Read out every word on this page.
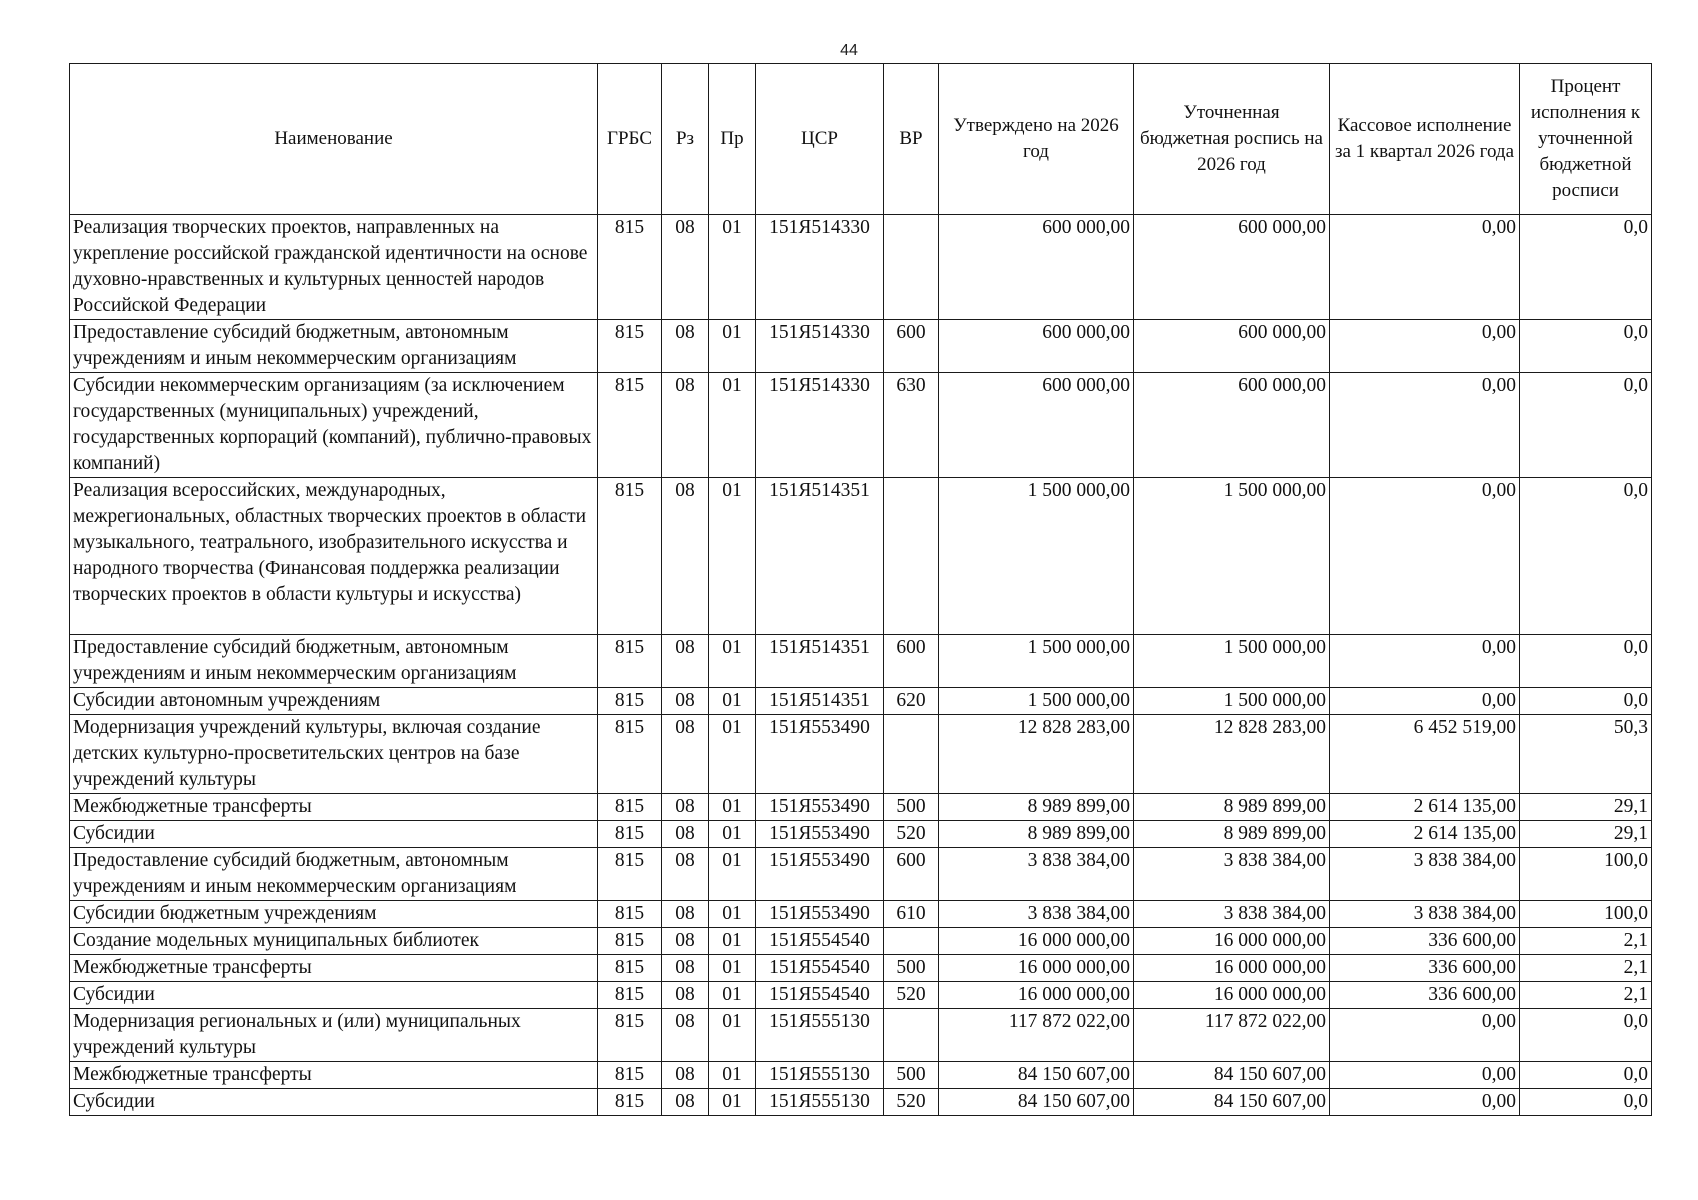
44
Наименование	ГРБС	Рз	Пр	ЦСР	ВР	Утверждено на 2026 год	Уточненная бюджетная роспись на 2026 год	Кассовое исполнение за 1 квартал 2026 года	Процент исполнения к уточненной бюджетной росписи
Реализация творческих проектов, направленных на укрепление российской гражданской идентичности на основе духовно-нравственных и культурных ценностей народов Российской Федерации	815	08	01	151Я514330		600 000,00	600 000,00	0,00	0,0
Предоставление субсидий бюджетным, автономным учреждениям и иным некоммерческим организациям	815	08	01	151Я514330	600	600 000,00	600 000,00	0,00	0,0
Субсидии некоммерческим организациям (за исключением государственных (муниципальных) учреждений, государственных корпораций (компаний), публично-правовых компаний)	815	08	01	151Я514330	630	600 000,00	600 000,00	0,00	0,0
Реализация всероссийских, международных, межрегиональных, областных творческих проектов в области музыкального, театрального, изобразительного искусства и народного творчества (Финансовая поддержка реализации творческих проектов в области культуры и искусства)	815	08	01	151Я514351		1 500 000,00	1 500 000,00	0,00	0,0
Предоставление субсидий бюджетным, автономным учреждениям и иным некоммерческим организациям	815	08	01	151Я514351	600	1 500 000,00	1 500 000,00	0,00	0,0
Субсидии автономным учреждениям	815	08	01	151Я514351	620	1 500 000,00	1 500 000,00	0,00	0,0
Модернизация учреждений культуры, включая создание детских культурно-просветительских центров на базе учреждений культуры	815	08	01	151Я553490		12 828 283,00	12 828 283,00	6 452 519,00	50,3
Межбюджетные трансферты	815	08	01	151Я553490	500	8 989 899,00	8 989 899,00	2 614 135,00	29,1
Субсидии	815	08	01	151Я553490	520	8 989 899,00	8 989 899,00	2 614 135,00	29,1
Предоставление субсидий бюджетным, автономным учреждениям и иным некоммерческим организациям	815	08	01	151Я553490	600	3 838 384,00	3 838 384,00	3 838 384,00	100,0
Субсидии бюджетным учреждениям	815	08	01	151Я553490	610	3 838 384,00	3 838 384,00	3 838 384,00	100,0
Создание модельных муниципальных библиотек	815	08	01	151Я554540		16 000 000,00	16 000 000,00	336 600,00	2,1
Межбюджетные трансферты	815	08	01	151Я554540	500	16 000 000,00	16 000 000,00	336 600,00	2,1
Субсидии	815	08	01	151Я554540	520	16 000 000,00	16 000 000,00	336 600,00	2,1
Модернизация региональных и (или) муниципальных учреждений культуры	815	08	01	151Я555130		117 872 022,00	117 872 022,00	0,00	0,0
Межбюджетные трансферты	815	08	01	151Я555130	500	84 150 607,00	84 150 607,00	0,00	0,0
Субсидии	815	08	01	151Я555130	520	84 150 607,00	84 150 607,00	0,00	0,0
